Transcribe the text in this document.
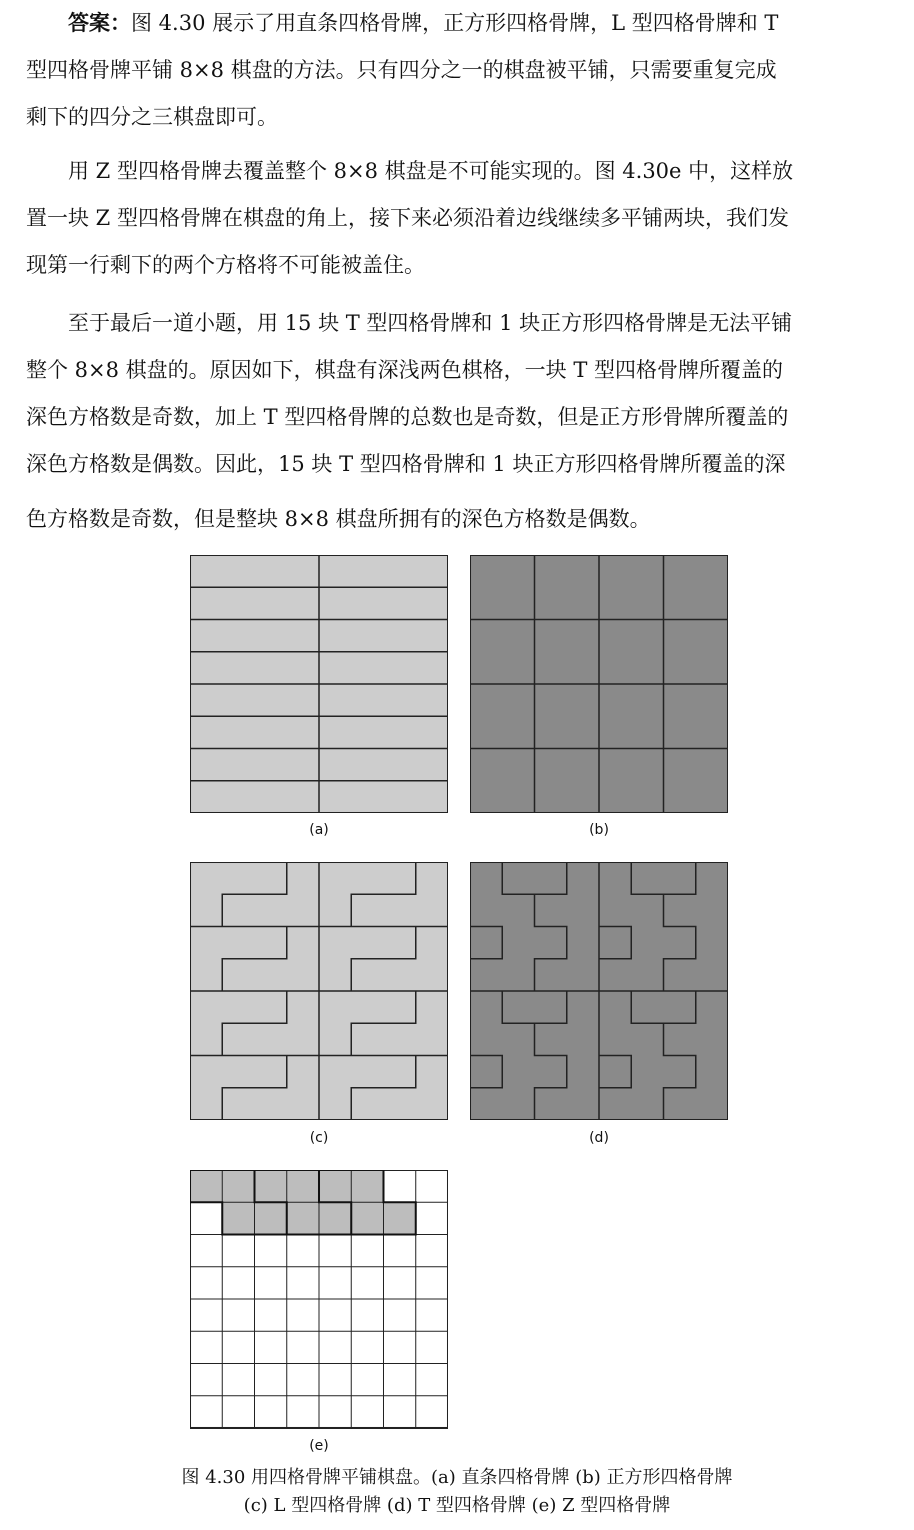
答案：图 4.30 展示了用直条四格骨牌，正方形四格骨牌，L 型四格骨牌和 T
型四格骨牌平铺 8×8 棋盘的方法。只有四分之一的棋盘被平铺，只需要重复完成
剩下的四分之三棋盘即可。
用 Z 型四格骨牌去覆盖整个 8×8 棋盘是不可能实现的。图 4.30e 中，这样放
置一块 Z 型四格骨牌在棋盘的角上，接下来必须沿着边线继续多平铺两块，我们发
现第一行剩下的两个方格将不可能被盖住。
至于最后一道小题，用 15 块 T 型四格骨牌和 1 块正方形四格骨牌是无法平铺
整个 8×8 棋盘的。原因如下，棋盘有深浅两色棋格，一块 T 型四格骨牌所覆盖的
深色方格数是奇数，加上 T 型四格骨牌的总数也是奇数，但是正方形骨牌所覆盖的
深色方格数是偶数。因此，15 块 T 型四格骨牌和 1 块正方形四格骨牌所覆盖的深
色方格数是奇数，但是整块 8×8 棋盘所拥有的深色方格数是偶数。
(a)	(b)
(c)	(d)
(e)
图 4.30 用四格骨牌平铺棋盘。(a) 直条四格骨牌 (b) 正方形四格骨牌
(c) L 型四格骨牌 (d) T 型四格骨牌 (e) Z 型四格骨牌
